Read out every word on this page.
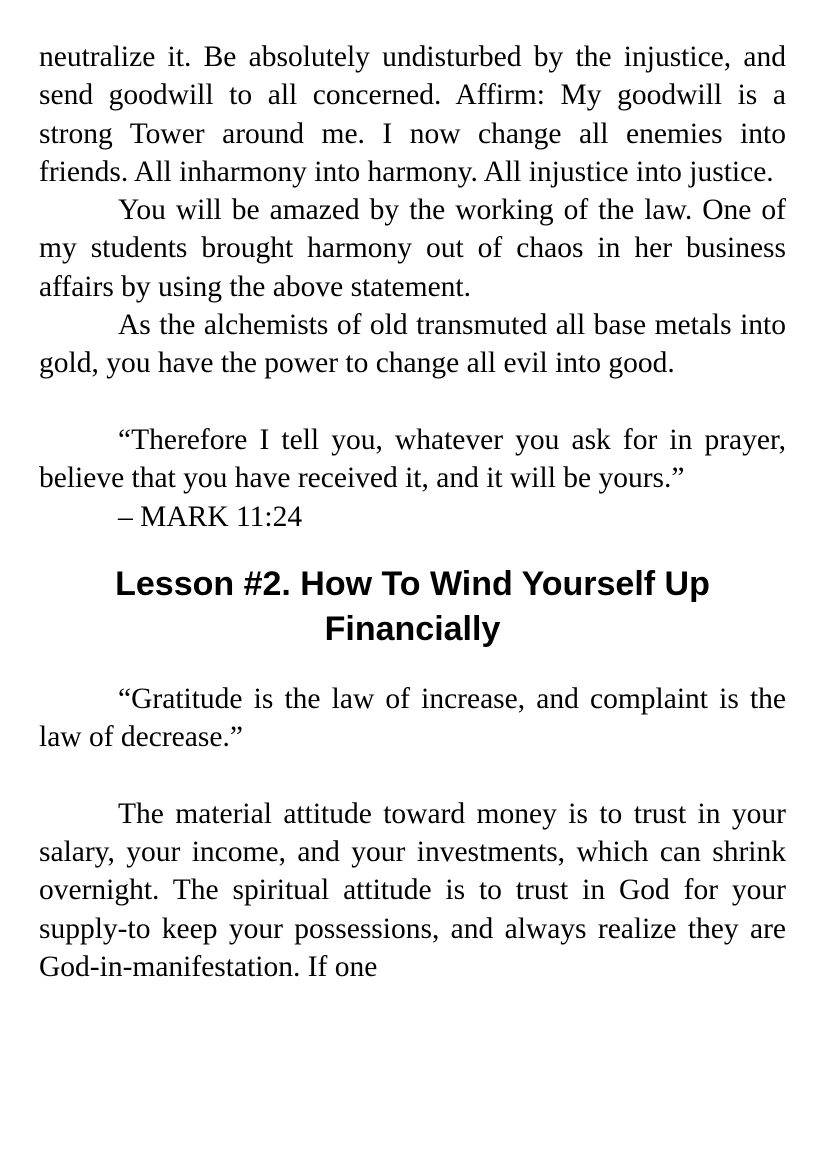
neutralize it. Be absolutely undisturbed by the injustice, and send goodwill to all concerned. Affirm: My goodwill is a strong Tower around me. I now change all enemies into friends. All inharmony into harmony. All injustice into justice.

You will be amazed by the working of the law. One of my students brought harmony out of chaos in her business affairs by using the above statement.

As the alchemists of old transmuted all base metals into gold, you have the power to change all evil into good.

“Therefore I tell you, whatever you ask for in prayer, believe that you have received it, and it will be yours.”

– MARK 11:24

Lesson #2. How To Wind Yourself Up Financially

“Gratitude is the law of increase, and complaint is the law of decrease.”

The material attitude toward money is to trust in your salary, your income, and your investments, which can shrink overnight. The spiritual attitude is to trust in God for your supply-to keep your possessions, and always realize they are God-in-manifestation. If one
